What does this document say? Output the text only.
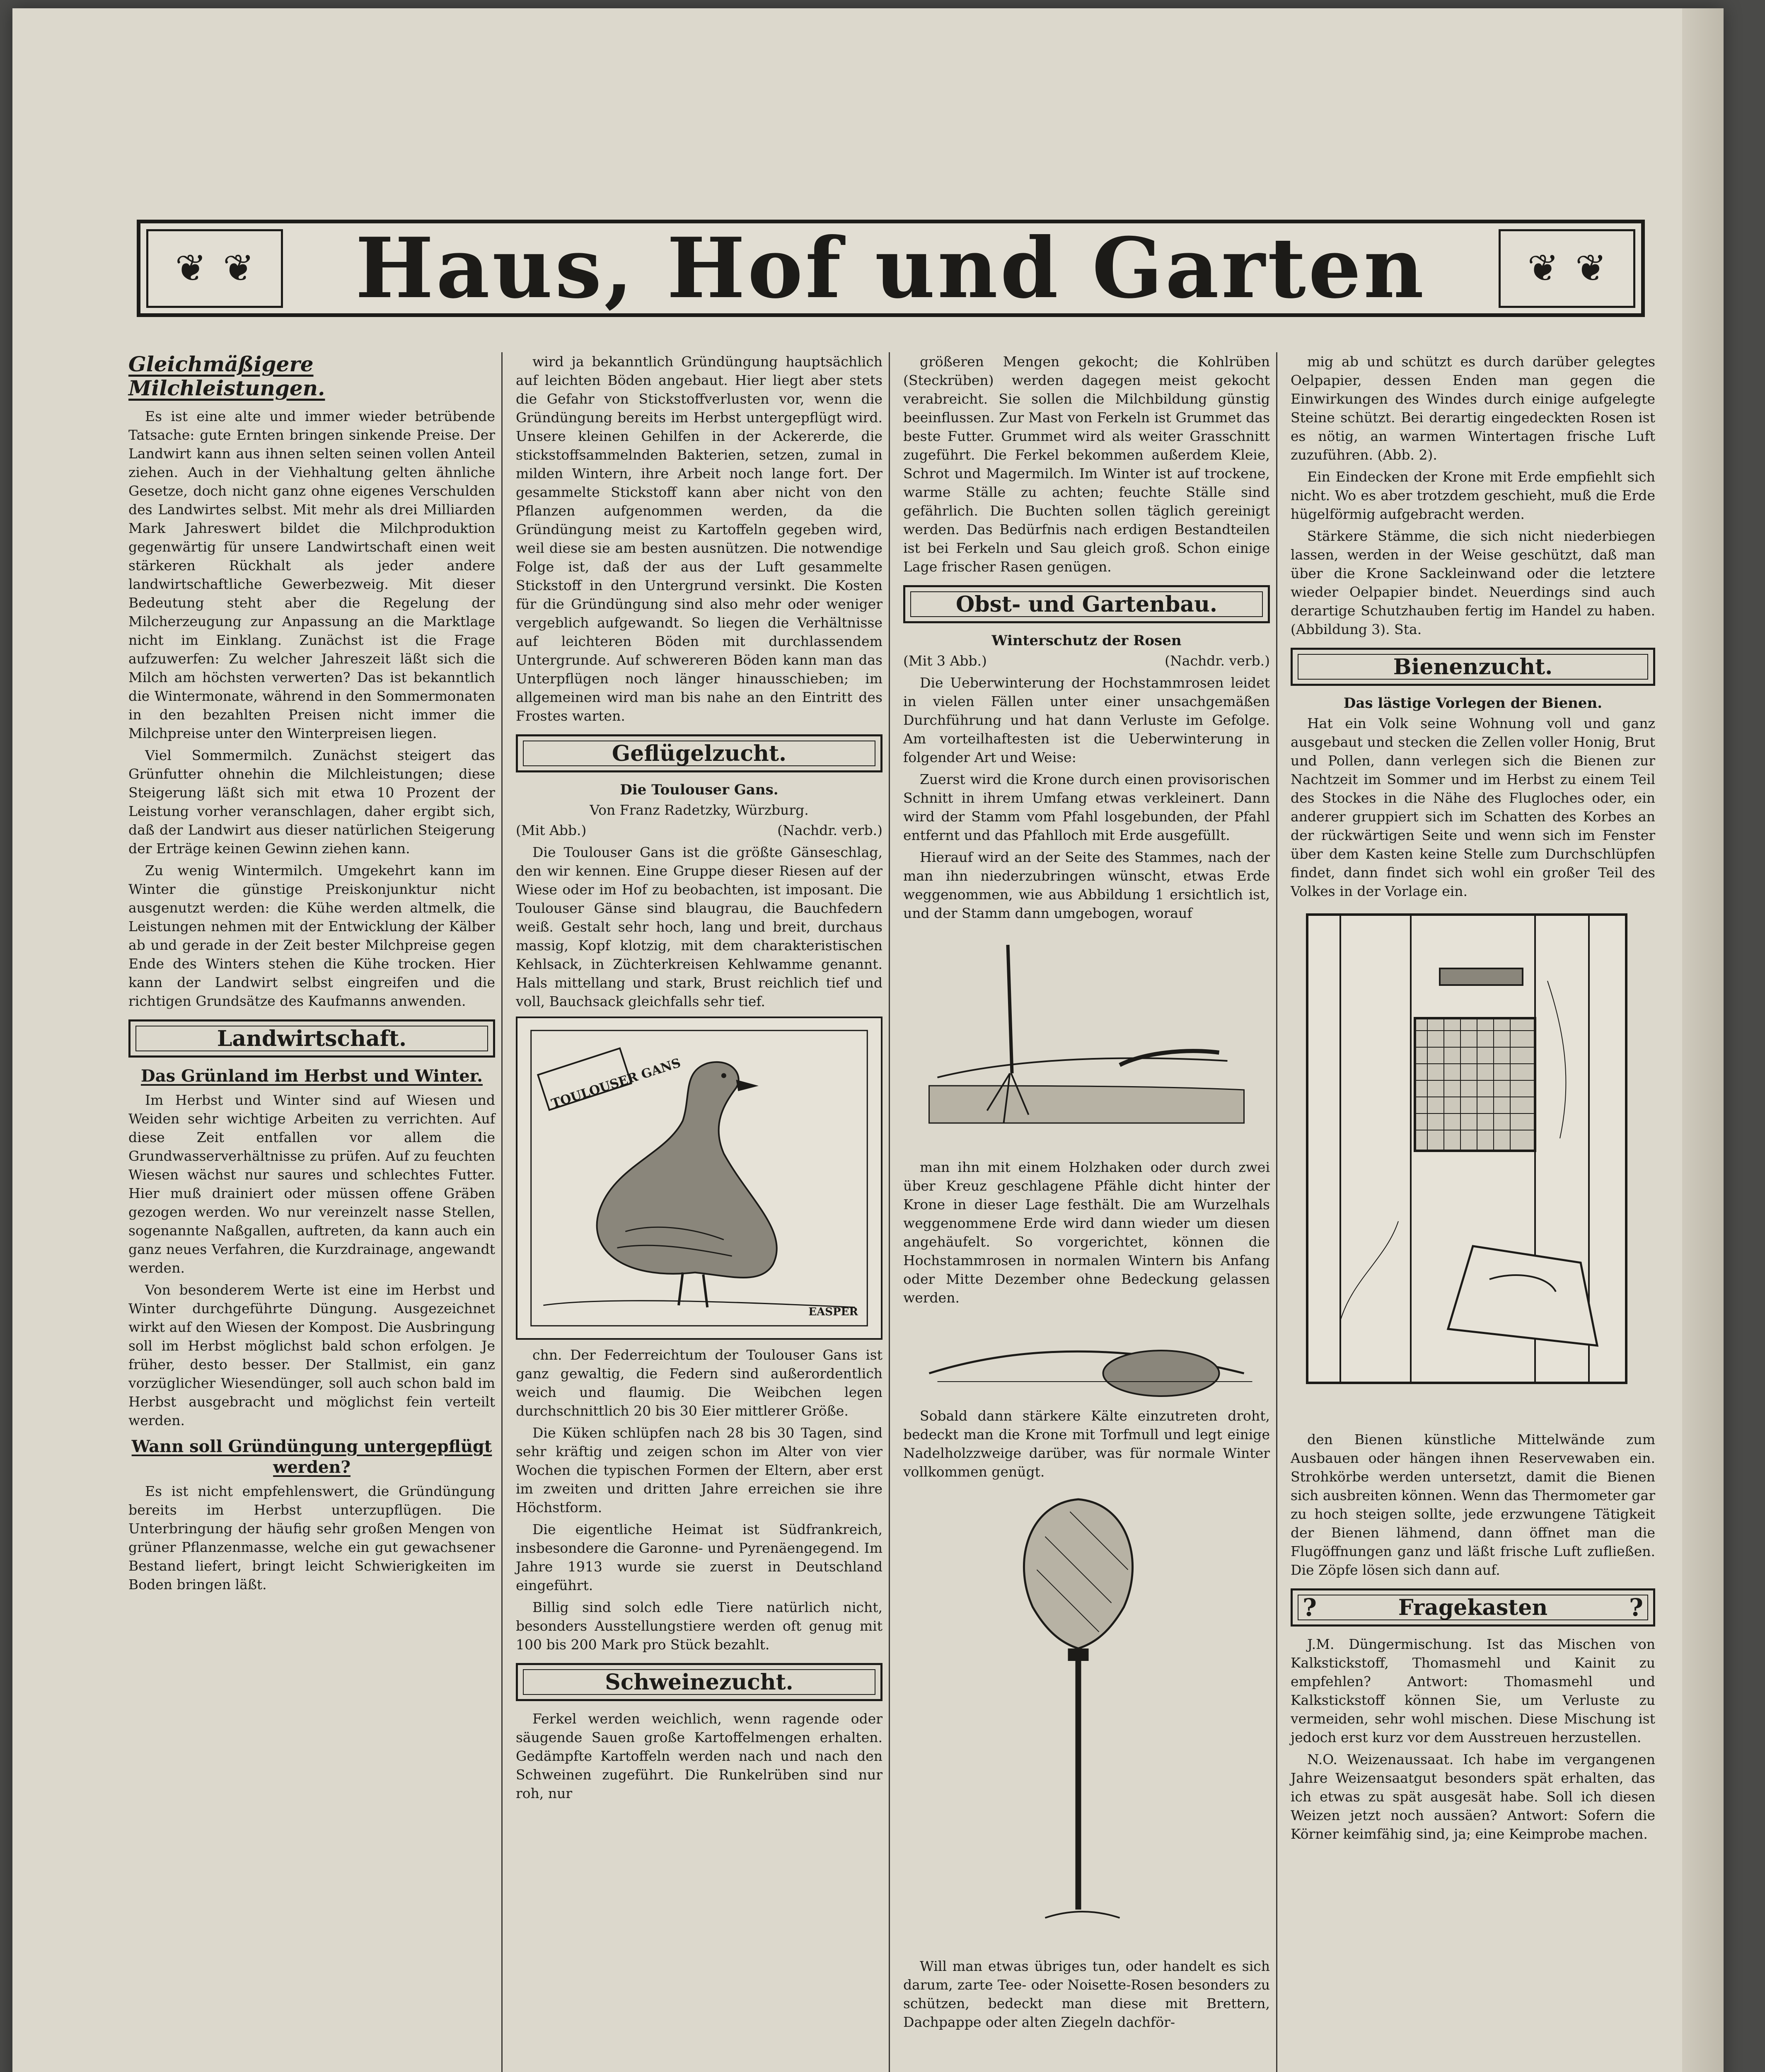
❦ ❦	Haus, Hof und Garten	❦ ❦
Gleichmäßigere Milchleistungen.

Es ist eine alte und immer wieder betrübende Tatsache: gute Ernten bringen sinkende Preise. Der Landwirt kann aus ihnen selten seinen vollen Anteil ziehen. Auch in der Viehhaltung gelten ähnliche Gesetze, doch nicht ganz ohne eigenes Verschulden des Landwirtes selbst. Mit mehr als drei Milliarden Mark Jahreswert bildet die Milchproduktion gegenwärtig für unsere Landwirtschaft einen weit stärkeren Rückhalt als jeder andere landwirtschaftliche Gewerbezweig. Mit dieser Bedeutung steht aber die Regelung der Milcherzeugung zur Anpassung an die Marktlage nicht im Einklang. Zunächst ist die Frage aufzuwerfen: Zu welcher Jahreszeit läßt sich die Milch am höchsten verwerten? Das ist bekanntlich die Wintermonate, während in den Sommermonaten in den bezahlten Preisen nicht immer die Milchpreise unter den Winterpreisen liegen.

Viel Sommermilch. Zunächst steigert das Grünfutter ohnehin die Milchleistungen; diese Steigerung läßt sich mit etwa 10 Prozent der Leistung vorher veranschlagen, daher ergibt sich, daß der Landwirt aus dieser natürlichen Steigerung der Erträge keinen Gewinn ziehen kann.

Zu wenig Wintermilch. Umgekehrt kann im Winter die günstige Preiskonjunktur nicht ausgenutzt werden: die Kühe werden altmelk, die Leistungen nehmen mit der Entwicklung der Kälber ab und gerade in der Zeit bester Milchpreise gegen Ende des Winters stehen die Kühe trocken. Hier kann der Landwirt selbst eingreifen und die richtigen Grundsätze des Kaufmanns anwenden.

Landwirtschaft.
Das Grünland im Herbst und Winter.

Im Herbst und Winter sind auf Wiesen und Weiden sehr wichtige Arbeiten zu verrichten. Auf diese Zeit entfallen vor allem die Grundwasserverhältnisse zu prüfen. Auf zu feuchten Wiesen wächst nur saures und schlechtes Futter. Hier muß drainiert oder müssen offene Gräben gezogen werden. Wo nur vereinzelt nasse Stellen, sogenannte Naßgallen, auftreten, da kann auch ein ganz neues Verfahren, die Kurzdrainage, angewandt werden.

Von besonderem Werte ist eine im Herbst und Winter durchgeführte Düngung. Ausgezeichnet wirkt auf den Wiesen der Kompost. Die Ausbringung soll im Herbst möglichst bald schon erfolgen. Je früher, desto besser. Der Stallmist, ein ganz vorzüglicher Wiesendünger, soll auch schon bald im Herbst ausgebracht und möglichst fein verteilt werden.

Wann soll Gründüngung untergepflügt werden?

Es ist nicht empfehlenswert, die Gründüngung bereits im Herbst unterzupflügen. Die Unterbringung der häufig sehr großen Mengen von grüner Pflanzenmasse, welche ein gut gewachsener Bestand liefert, bringt leicht Schwierigkeiten im Boden bringen läßt.

wird ja bekanntlich Gründüngung hauptsächlich auf leichten Böden angebaut. Hier liegt aber stets die Gefahr von Stickstoffverlusten vor, wenn die Gründüngung bereits im Herbst untergepflügt wird. Unsere kleinen Gehilfen in der Ackererde, die stickstoffsammelnden Bakterien, setzen, zumal in milden Wintern, ihre Arbeit noch lange fort. Der gesammelte Stickstoff kann aber nicht von den Pflanzen aufgenommen werden, da die Gründüngung meist zu Kartoffeln gegeben wird, weil diese sie am besten ausnützen. Die notwendige Folge ist, daß der aus der Luft gesammelte Stickstoff in den Untergrund versinkt. Die Kosten für die Gründüngung sind also mehr oder weniger vergeblich aufgewandt. So liegen die Verhältnisse auf leichteren Böden mit durchlassendem Untergrunde. Auf schwereren Böden kann man das Unterpflügen noch länger hinausschieben; im allgemeinen wird man bis nahe an den Eintritt des Frostes warten.

Geflügelzucht.
Die Toulouser Gans.

Von Franz Radetzky, Würzburg.

(Mit Abb.)	(Nachdr. verb.)

Die Toulouser Gans ist die größte Gänseschlag, den wir kennen. Eine Gruppe dieser Riesen auf der Wiese oder im Hof zu beobachten, ist imposant. Die Toulouser Gänse sind blaugrau, die Bauchfedern weiß. Gestalt sehr hoch, lang und breit, durchaus massig, Kopf klotzig, mit dem charakteristischen Kehlsack, in Züchterkreisen Kehlwamme genannt. Hals mittellang und stark, Brust reichlich tief und voll, Bauchsack gleichfalls sehr tief.

TOULOUSER GANS
EASPER

chn. Der Federreichtum der Toulouser Gans ist ganz gewaltig, die Federn sind außerordentlich weich und flaumig. Die Weibchen legen durchschnittlich 20 bis 30 Eier mittlerer Größe.

Die Küken schlüpfen nach 28 bis 30 Tagen, sind sehr kräftig und zeigen schon im Alter von vier Wochen die typischen Formen der Eltern, aber erst im zweiten und dritten Jahre erreichen sie ihre Höchstform.

Die eigentliche Heimat ist Südfrankreich, insbesondere die Garonne- und Pyrenäengegend. Im Jahre 1913 wurde sie zuerst in Deutschland eingeführt.

Billig sind solch edle Tiere natürlich nicht, besonders Ausstellungstiere werden oft genug mit 100 bis 200 Mark pro Stück bezahlt.

Schweinezucht.

Ferkel werden weichlich, wenn ragende oder säugende Sauen große Kartoffelmengen erhalten. Gedämpfte Kartoffeln werden nach und nach den Schweinen zugeführt. Die Runkelrüben sind nur roh, nur

größeren Mengen gekocht; die Kohlrüben (Steckrüben) werden dagegen meist gekocht verabreicht. Sie sollen die Milchbildung günstig beeinflussen. Zur Mast von Ferkeln ist Grummet das beste Futter. Grummet wird als weiter Grasschnitt zugeführt. Die Ferkel bekommen außerdem Kleie, Schrot und Magermilch. Im Winter ist auf trockene, warme Ställe zu achten; feuchte Ställe sind gefährlich. Die Buchten sollen täglich gereinigt werden. Das Bedürfnis nach erdigen Bestandteilen ist bei Ferkeln und Sau gleich groß. Schon einige Lage frischer Rasen genügen.

Obst- und Gartenbau.
Winterschutz der Rosen

(Mit 3 Abb.)	(Nachdr. verb.)

Die Ueberwinterung der Hochstammrosen leidet in vielen Fällen unter einer unsachgemäßen Durchführung und hat dann Verluste im Gefolge. Am vorteilhaftesten ist die Ueberwinterung in folgender Art und Weise:

Zuerst wird die Krone durch einen provisorischen Schnitt in ihrem Umfang etwas verkleinert. Dann wird der Stamm vom Pfahl losgebunden, der Pfahl entfernt und das Pfahlloch mit Erde ausgefüllt.

Hierauf wird an der Seite des Stammes, nach der man ihn niederzubringen wünscht, etwas Erde weggenommen, wie aus Abbildung 1 ersichtlich ist, und der Stamm dann umgebogen, worauf

man ihn mit einem Holzhaken oder durch zwei über Kreuz geschlagene Pfähle dicht hinter der Krone in dieser Lage festhält. Die am Wurzelhals weggenommene Erde wird dann wieder um diesen angehäufelt. So vorgerichtet, können die Hochstammrosen in normalen Wintern bis Anfang oder Mitte Dezember ohne Bedeckung gelassen werden.

Sobald dann stärkere Kälte einzutreten droht, bedeckt man die Krone mit Torfmull und legt einige Nadelholzzweige darüber, was für normale Winter vollkommen genügt.

Will man etwas übriges tun, oder handelt es sich darum, zarte Tee- oder Noisette-Rosen besonders zu schützen, bedeckt man diese mit Brettern, Dachpappe oder alten Ziegeln dachför-

mig ab und schützt es durch darüber gelegtes Oelpapier, dessen Enden man gegen die Einwirkungen des Windes durch einige aufgelegte Steine schützt. Bei derartig eingedeckten Rosen ist es nötig, an warmen Wintertagen frische Luft zuzuführen. (Abb. 2).

Ein Eindecken der Krone mit Erde empfiehlt sich nicht. Wo es aber trotzdem geschieht, muß die Erde hügelförmig aufgebracht werden.

Stärkere Stämme, die sich nicht niederbiegen lassen, werden in der Weise geschützt, daß man über die Krone Sackleinwand oder die letztere wieder Oelpapier bindet. Neuerdings sind auch derartige Schutzhauben fertig im Handel zu haben. (Abbildung 3). Sta.

Bienenzucht.
Das lästige Vorlegen der Bienen.

Hat ein Volk seine Wohnung voll und ganz ausgebaut und stecken die Zellen voller Honig, Brut und Pollen, dann verlegen sich die Bienen zur Nachtzeit im Sommer und im Herbst zu einem Teil des Stockes in die Nähe des Flugloches oder, ein anderer gruppiert sich im Schatten des Korbes an der rückwärtigen Seite und wenn sich im Fenster über dem Kasten keine Stelle zum Durchschlüpfen findet, dann findet sich wohl ein großer Teil des Volkes in der Vorlage ein.

den Bienen künstliche Mittelwände zum Ausbauen oder hängen ihnen Reservewaben ein. Strohkörbe werden untersetzt, damit die Bienen sich ausbreiten können. Wenn das Thermometer gar zu hoch steigen sollte, jede erzwungene Tätigkeit der Bienen lähmend, dann öffnet man die Flugöffnungen ganz und läßt frische Luft zufließen. Die Zöpfe lösen sich dann auf.

?	Fragekasten	?

J.M. Düngermischung. Ist das Mischen von Kalkstickstoff, Thomasmehl und Kainit zu empfehlen? Antwort: Thomasmehl und Kalkstickstoff können Sie, um Verluste zu vermeiden, sehr wohl mischen. Diese Mischung ist jedoch erst kurz vor dem Ausstreuen herzustellen.

N.O. Weizenaussaat. Ich habe im vergangenen Jahre Weizensaatgut besonders spät erhalten, das ich etwas zu spät ausgesät habe. Soll ich diesen Weizen jetzt noch aussäen? Antwort: Sofern die Körner keimfähig sind, ja; eine Keimprobe machen.
